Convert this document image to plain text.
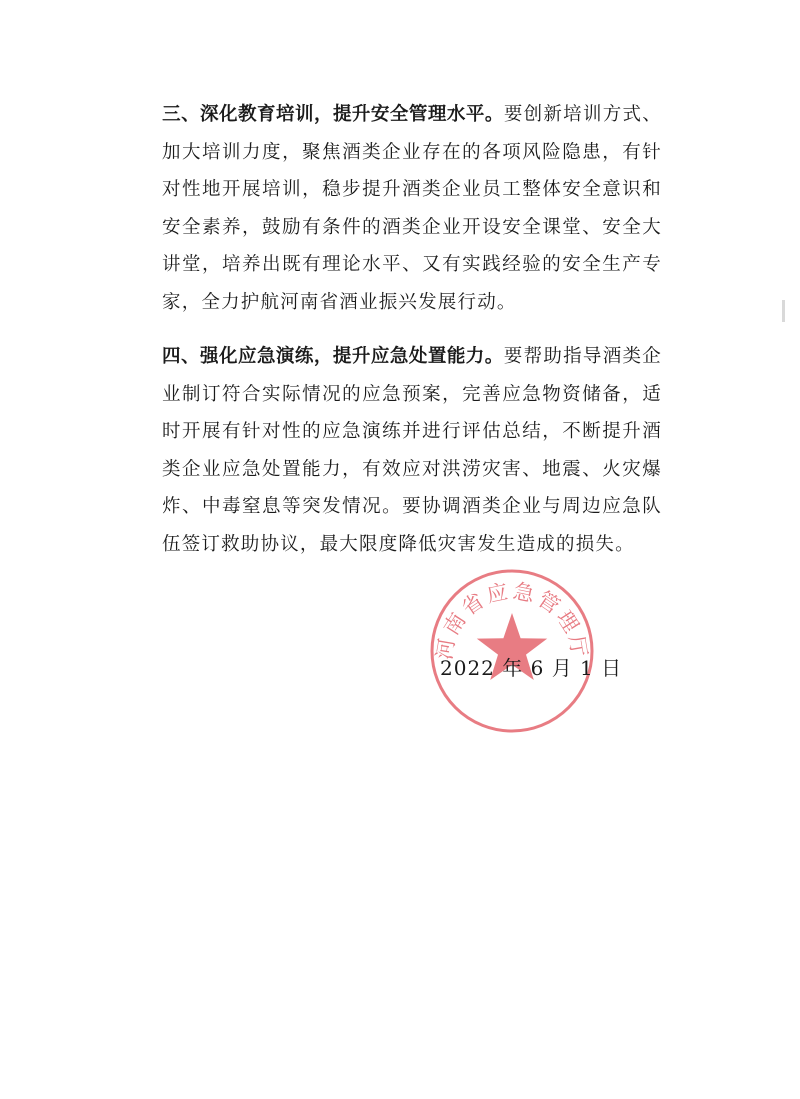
三、深化教育培训，提升安全管理水平。要创新培训方式、加大培训力度，聚焦酒类企业存在的各项风险隐患，有针对性地开展培训，稳步提升酒类企业员工整体安全意识和安全素养，鼓励有条件的酒类企业开设安全课堂、安全大讲堂，培养出既有理论水平、又有实践经验的安全生产专家，全力护航河南省酒业振兴发展行动。

四、强化应急演练，提升应急处置能力。要帮助指导酒类企业制订符合实际情况的应急预案，完善应急物资储备，适时开展有针对性的应急演练并进行评估总结，不断提升酒类企业应急处置能力，有效应对洪涝灾害、地震、火灾爆炸、中毒窒息等突发情况。要协调酒类企业与周边应急队伍签订救助协议，最大限度降低灾害发生造成的损失。

河南省应急管理厅
2022 年 6 月 1 日
